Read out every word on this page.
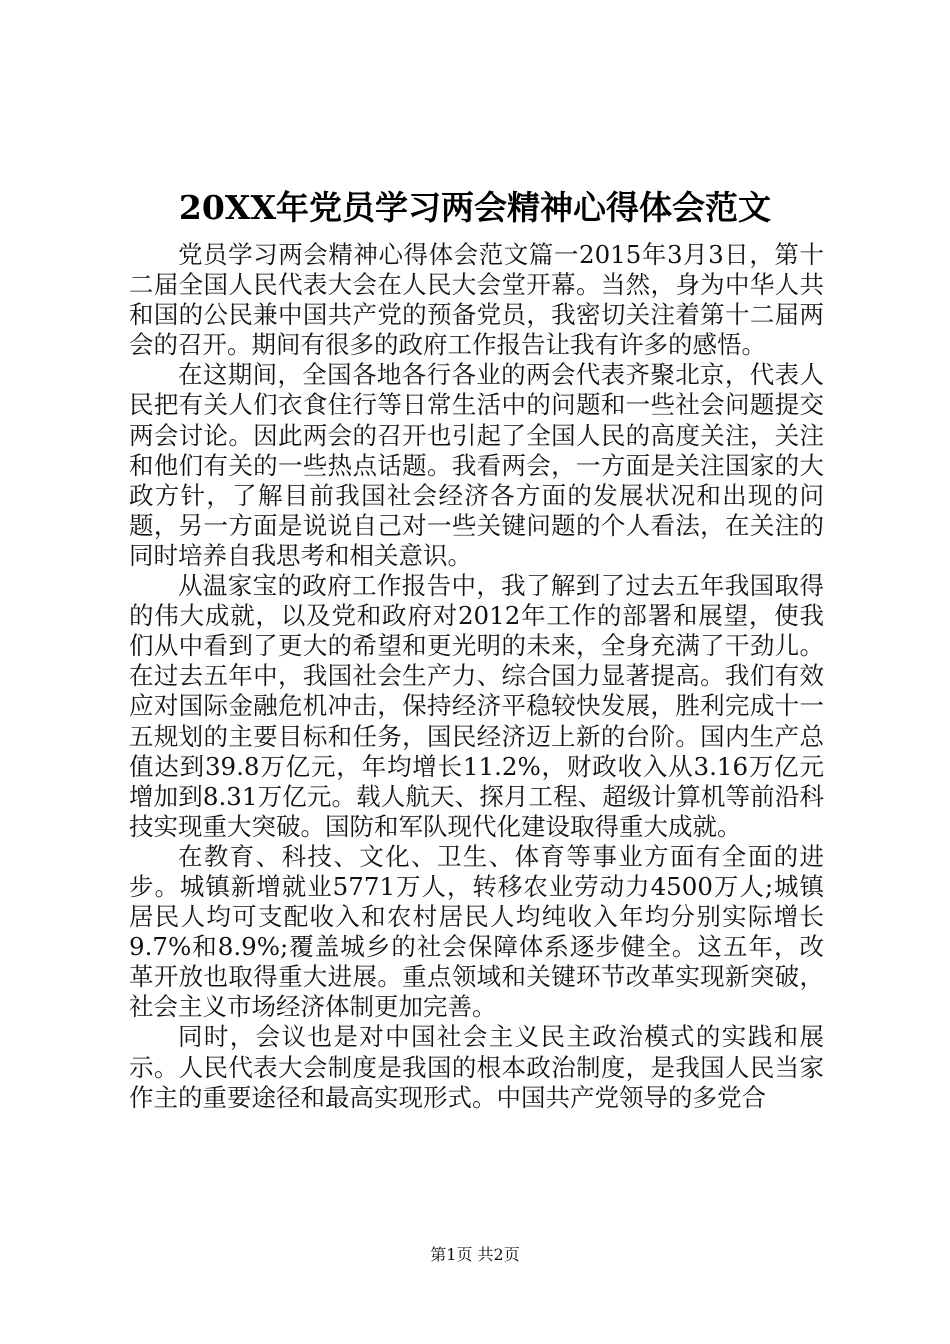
20XX年党员学习两会精神心得体会范文

党员学习两会精神心得体会范文篇一2015年3月3日，第十二届全国人民代表大会在人民大会堂开幕。当然，身为中华人共和国的公民兼中国共产党的预备党员，我密切关注着第十二届两会的召开。期间有很多的政府工作报告让我有许多的感悟。

在这期间，全国各地各行各业的两会代表齐聚北京，代表人民把有关人们衣食住行等日常生活中的问题和一些社会问题提交两会讨论。因此两会的召开也引起了全国人民的高度关注，关注和他们有关的一些热点话题。我看两会，一方面是关注国家的大政方针，了解目前我国社会经济各方面的发展状况和出现的问题，另一方面是说说自己对一些关键问题的个人看法，在关注的同时培养自我思考和相关意识。

从温家宝的政府工作报告中，我了解到了过去五年我国取得的伟大成就，以及党和政府对2012年工作的部署和展望，使我们从中看到了更大的希望和更光明的未来，全身充满了干劲儿。在过去五年中，我国社会生产力、综合国力显著提高。我们有效应对国际金融危机冲击，保持经济平稳较快发展，胜利完成十一五规划的主要目标和任务，国民经济迈上新的台阶。国内生产总值达到39.8万亿元，年均增长11.2%，财政收入从3.16万亿元增加到8.31万亿元。载人航天、探月工程、超级计算机等前沿科技实现重大突破。国防和军队现代化建设取得重大成就。

在教育、科技、文化、卫生、体育等事业方面有全面的进步。城镇新增就业5771万人，转移农业劳动力4500万人;城镇居民人均可支配收入和农村居民人均纯收入年均分别实际增长9.7%和8.9%;覆盖城乡的社会保障体系逐步健全。这五年，改革开放也取得重大进展。重点领域和关键环节改革实现新突破，社会主义市场经济体制更加完善。

同时，会议也是对中国社会主义民主政治模式的实践和展示。人民代表大会制度是我国的根本政治制度，是我国人民当家作主的重要途径和最高实现形式。中国共产党领导的多党合

第1页 共2页
